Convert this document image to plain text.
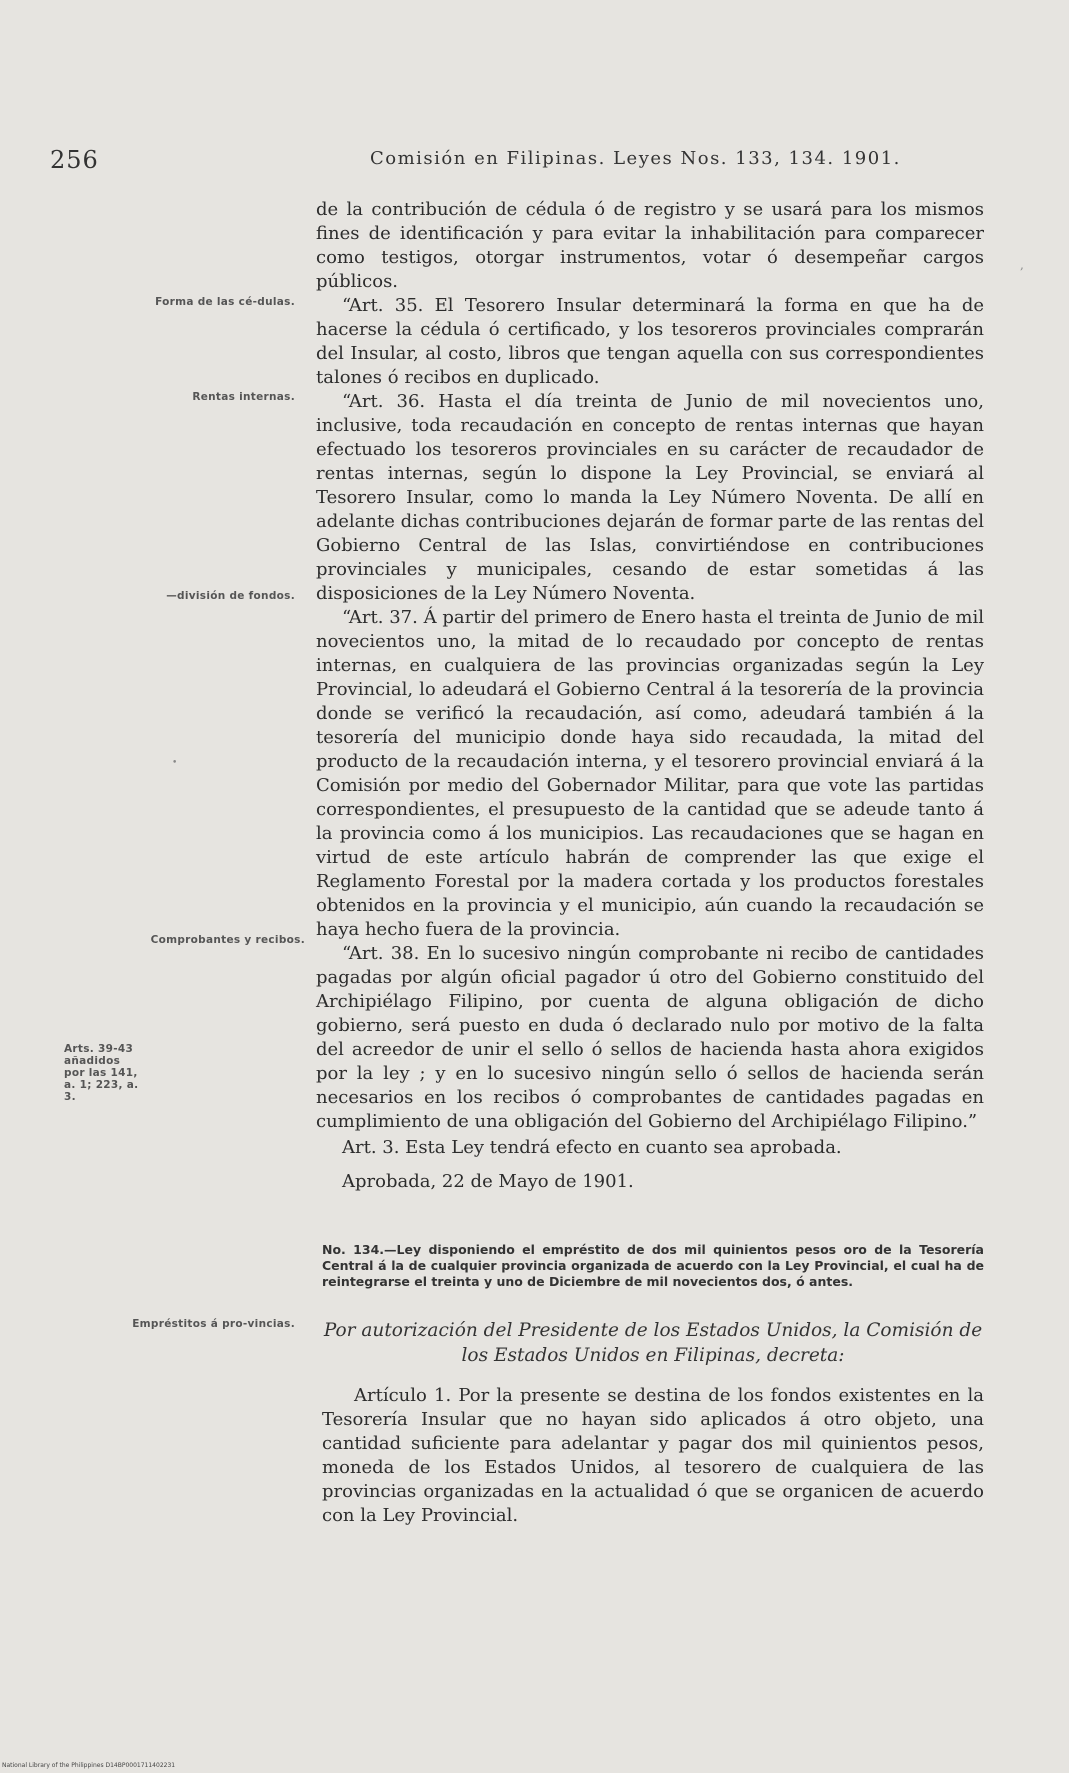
256	Comisión en Filipinas. Leyes Nos. 133, 134. 1901.
Forma de las cé-dulas.
Rentas internas.
—división de fondos.
Comprobantes y recibos.
Arts. 39-43 añadidos por las 141, a. 1; 223, a. 3.
Empréstitos á pro-vincias.

de la contribución de cédula ó de registro y se usará para los mismos fines de identificación y para evitar la inhabilitación para comparecer como testigos, otorgar instrumentos, votar ó desempeñar cargos públicos.

“Art. 35. El Tesorero Insular determinará la forma en que ha de hacerse la cédula ó certificado, y los tesoreros provinciales comprarán del Insular, al costo, libros que tengan aquella con sus correspondientes talones ó recibos en duplicado.

“Art. 36. Hasta el día treinta de Junio de mil novecientos uno, inclusive, toda recaudación en concepto de rentas internas que hayan efectuado los tesoreros provinciales en su carácter de recaudador de rentas internas, según lo dispone la Ley Provincial, se enviará al Tesorero Insular, como lo manda la Ley Número Noventa. De allí en adelante dichas contribuciones dejarán de formar parte de las rentas del Gobierno Central de las Islas, convirtiéndose en contribuciones provinciales y municipales, cesando de estar sometidas á las disposiciones de la Ley Número Noventa.

“Art. 37. Á partir del primero de Enero hasta el treinta de Junio de mil novecientos uno, la mitad de lo recaudado por concepto de rentas internas, en cualquiera de las provincias organizadas según la Ley Provincial, lo adeudará el Gobierno Central á la tesorería de la provincia donde se verificó la recaudación, así como, adeudará también á la tesorería del municipio donde haya sido recaudada, la mitad del producto de la recaudación interna, y el tesorero provincial enviará á la Comisión por medio del Gobernador Militar, para que vote las partidas correspondientes, el presupuesto de la cantidad que se adeude tanto á la provincia como á los municipios. Las recaudaciones que se hagan en virtud de este artículo habrán de comprender las que exige el Reglamento Forestal por la madera cortada y los productos forestales obtenidos en la provincia y el municipio, aún cuando la recaudación se haya hecho fuera de la provincia.

“Art. 38. En lo sucesivo ningún comprobante ni recibo de cantidades pagadas por algún oficial pagador ú otro del Gobierno constituido del Archipiélago Filipino, por cuenta de alguna obligación de dicho gobierno, será puesto en duda ó declarado nulo por motivo de la falta del acreedor de unir el sello ó sellos de hacienda hasta ahora exigidos por la ley ; y en lo sucesivo ningún sello ó sellos de hacienda serán necesarios en los recibos ó comprobantes de cantidades pagadas en cumplimiento de una obligación del Gobierno del Archipiélago Filipino.”

Art. 3. Esta Ley tendrá efecto en cuanto sea aprobada.

Aprobada, 22 de Mayo de 1901.

No. 134.—Ley disponiendo el empréstito de dos mil quinientos pesos oro de la Tesorería Central á la de cualquier provincia organizada de acuerdo con la Ley Provincial, el cual ha de reintegrarse el treinta y uno de Diciembre de mil novecientos dos, ó antes.
Por autorización del Presidente de los Estados Unidos, la Comisión de los Estados Unidos en Filipinas, decreta:
Artículo 1. Por la presente se destina de los fondos existentes en la Tesorería Insular que no hayan sido aplicados á otro objeto, una cantidad suficiente para adelantar y pagar dos mil quinientos pesos, moneda de los Estados Unidos, al tesorero de cualquiera de las provincias organizadas en la actualidad ó que se organicen de acuerdo con la Ley Provincial.
,
•
National Library of the Philippines D14BP0001711402231
